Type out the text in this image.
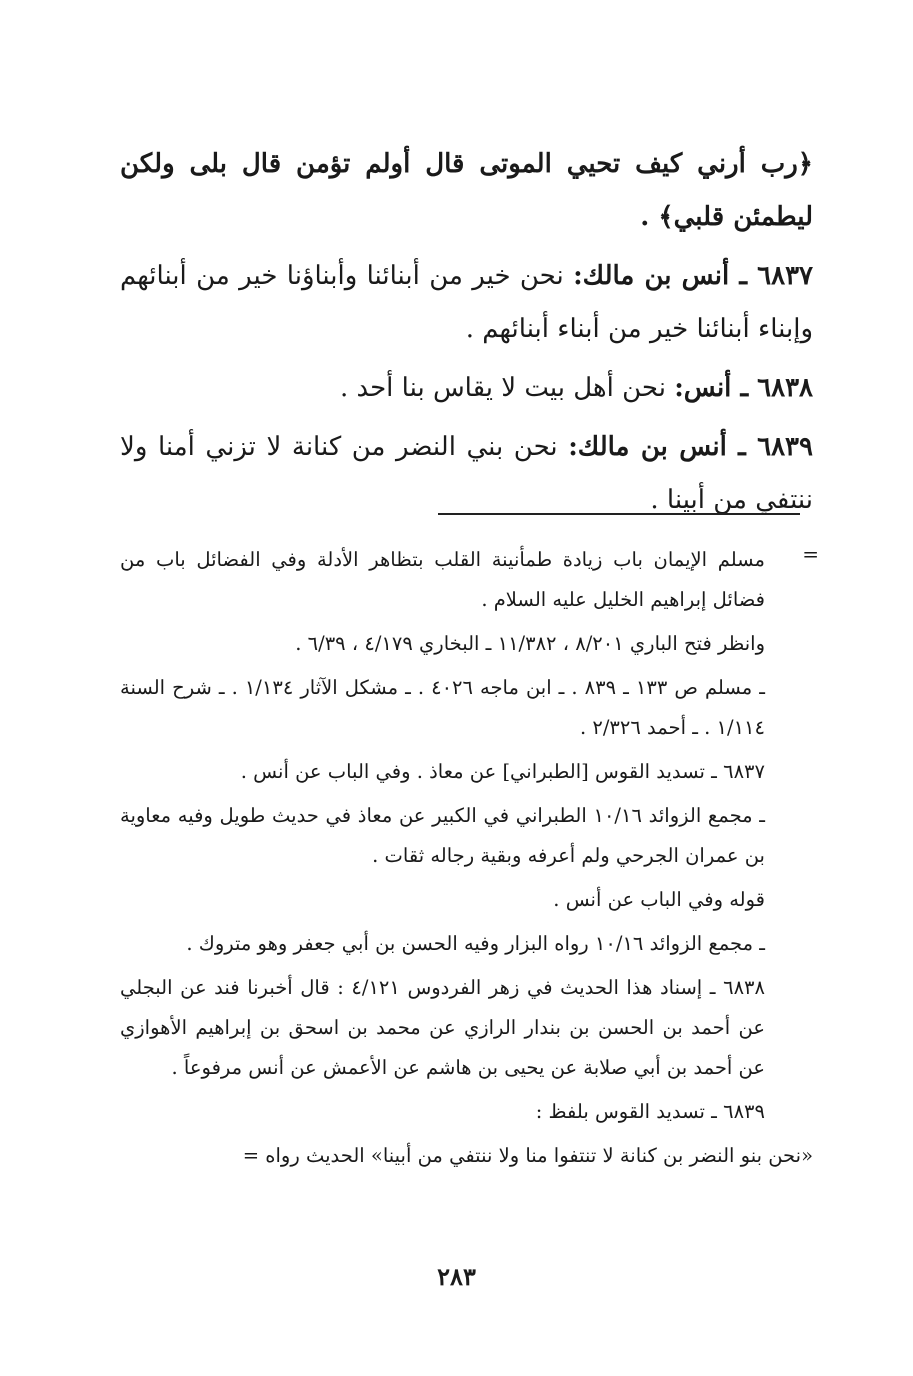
﴿رب أرني كيف تحيي الموتى قال أولم تؤمن قال بلى ولكن ليطمئن قلبي﴾ .

٦٨٣٧ ـ أنس بن مالك: نحن خير من أبنائنا وأبناؤنا خير من أبنائهم وإبناء أبنائنا خير من أبناء أبنائهم .

٦٨٣٨ ـ أنس: نحن أهل بيت لا يقاس بنا أحد .

٦٨٣٩ ـ أنس بن مالك: نحن بني النضر من كنانة لا تزني أمنا ولا ننتفي من أبينا .

=

مسلم الإيمان باب زيادة طمأنينة القلب بتظاهر الأدلة وفي الفضائل باب من فضائل إبراهيم الخليل عليه السلام .

وانظر فتح الباري ٨/٢٠١ ، ١١/٣٨٢ ـ البخاري ٤/١٧٩ ، ٦/٣٩ .

ـ مسلم ص ١٣٣ ـ ٨٣٩ . ـ ابن ماجه ٤٠٢٦ . ـ مشكل الآثار ١/١٣٤ . ـ شرح السنة ١/١١٤ . ـ أحمد ٢/٣٢٦ .

٦٨٣٧ ـ تسديد القوس [الطبراني] عن معاذ . وفي الباب عن أنس .

ـ مجمع الزوائد ١٠/١٦ الطبراني في الكبير عن معاذ في حديث طويل وفيه معاوية بن عمران الجرحي ولم أعرفه وبقية رجاله ثقات .

قوله وفي الباب عن أنس .

ـ مجمع الزوائد ١٠/١٦ رواه البزار وفيه الحسن بن أبي جعفر وهو متروك .

٦٨٣٨ ـ إسناد هذا الحديث في زهر الفردوس ٤/١٢١ : قال أخبرنا فند عن البجلي عن أحمد بن الحسن بن بندار الرازي عن محمد بن اسحق بن إبراهيم الأهوازي عن أحمد بن أبي صلابة عن يحيى بن هاشم عن الأعمش عن أنس مرفوعاً .

٦٨٣٩ ـ تسديد القوس بلفظ :

«نحن بنو النضر بن كنانة لا تنتفوا منا ولا ننتفي من أبينا» الحديث رواه =

٢٨٣
